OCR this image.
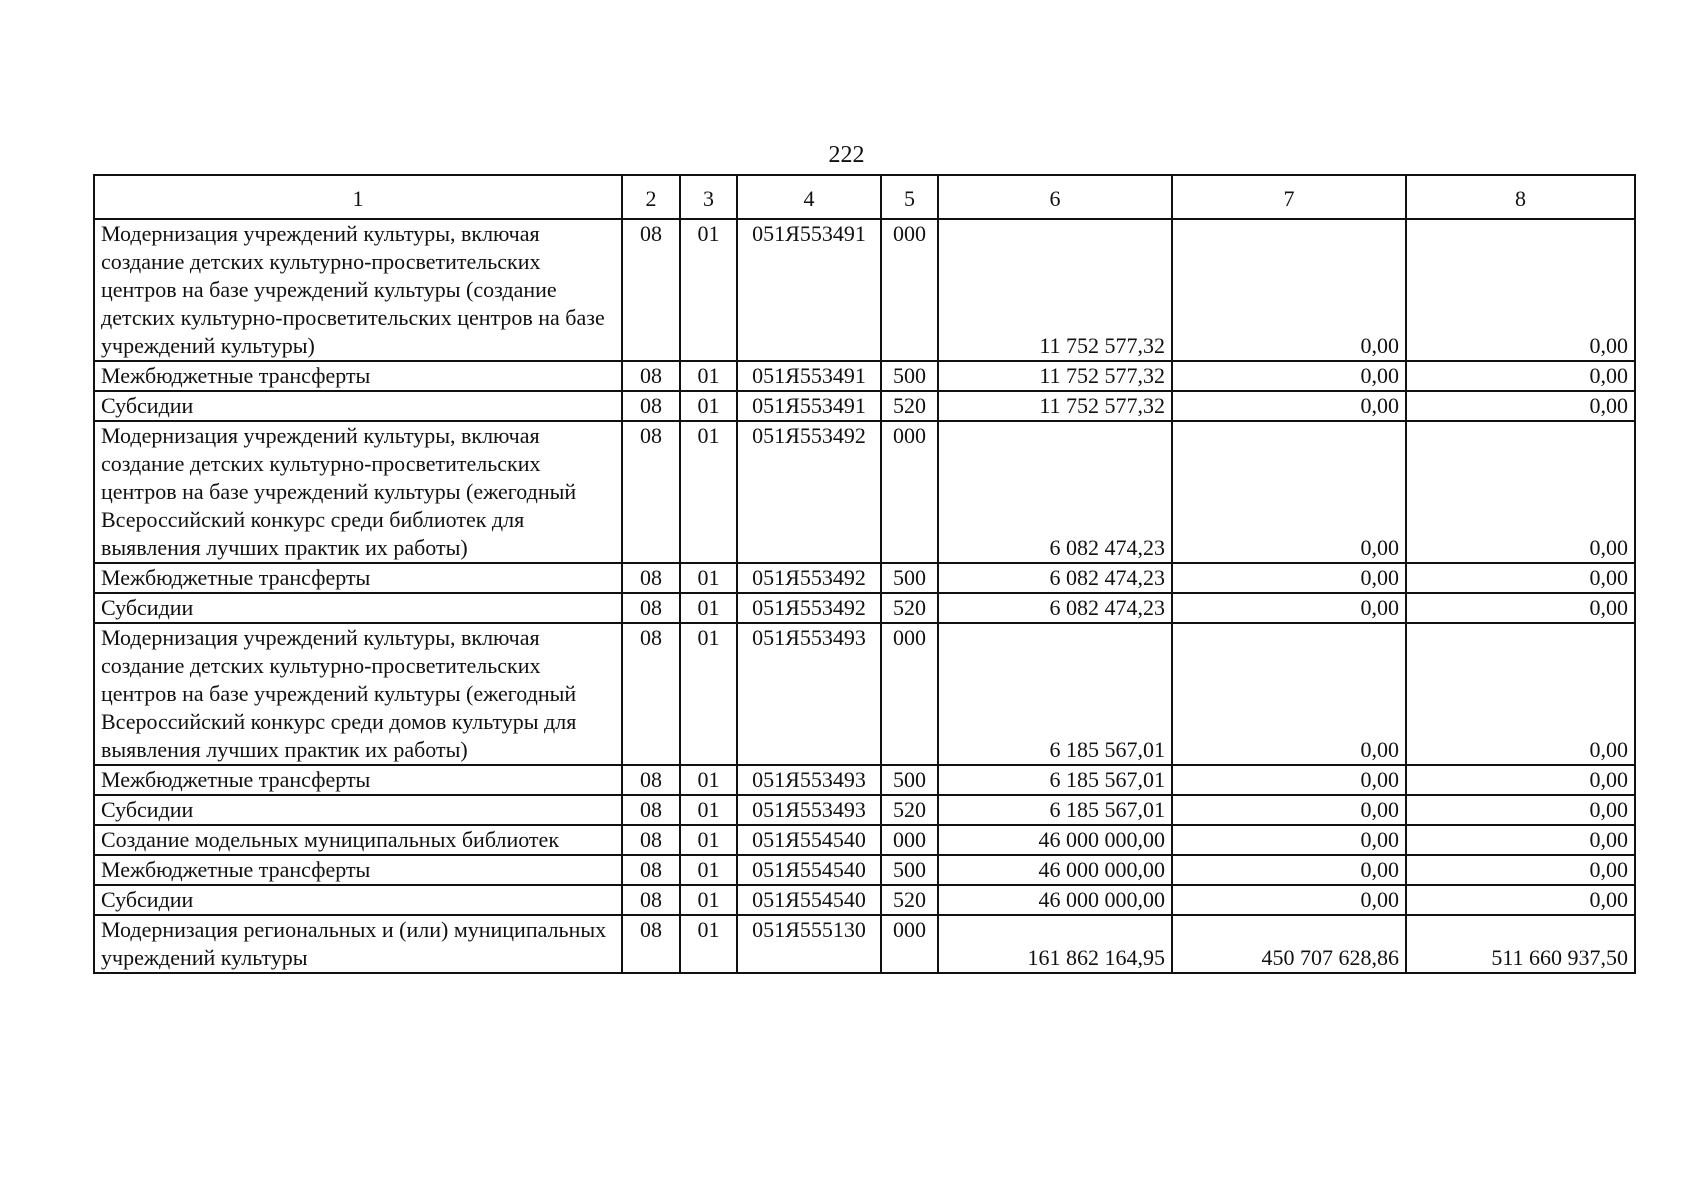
222
1	2	3	4	5	6	7	8
Модернизация учреждений культуры, включая создание детских культурно-просветительских центров на базе учреждений культуры (создание детских культурно-просветительских центров на базе учреждений культуры)	08	01	051Я553491	000	11 752 577,32	0,00	0,00
Межбюджетные трансферты	08	01	051Я553491	500	11 752 577,32	0,00	0,00
Субсидии	08	01	051Я553491	520	11 752 577,32	0,00	0,00
Модернизация учреждений культуры, включая создание детских культурно-просветительских центров на базе учреждений культуры (ежегодный Всероссийский конкурс среди библиотек для выявления лучших практик их работы)	08	01	051Я553492	000	6 082 474,23	0,00	0,00
Межбюджетные трансферты	08	01	051Я553492	500	6 082 474,23	0,00	0,00
Субсидии	08	01	051Я553492	520	6 082 474,23	0,00	0,00
Модернизация учреждений культуры, включая создание детских культурно-просветительских центров на базе учреждений культуры (ежегодный Всероссийский конкурс среди домов культуры для выявления лучших практик их работы)	08	01	051Я553493	000	6 185 567,01	0,00	0,00
Межбюджетные трансферты	08	01	051Я553493	500	6 185 567,01	0,00	0,00
Субсидии	08	01	051Я553493	520	6 185 567,01	0,00	0,00
Создание модельных муниципальных библиотек	08	01	051Я554540	000	46 000 000,00	0,00	0,00
Межбюджетные трансферты	08	01	051Я554540	500	46 000 000,00	0,00	0,00
Субсидии	08	01	051Я554540	520	46 000 000,00	0,00	0,00
Модернизация региональных и (или) муниципальных учреждений культуры	08	01	051Я555130	000	161 862 164,95	450 707 628,86	511 660 937,50
